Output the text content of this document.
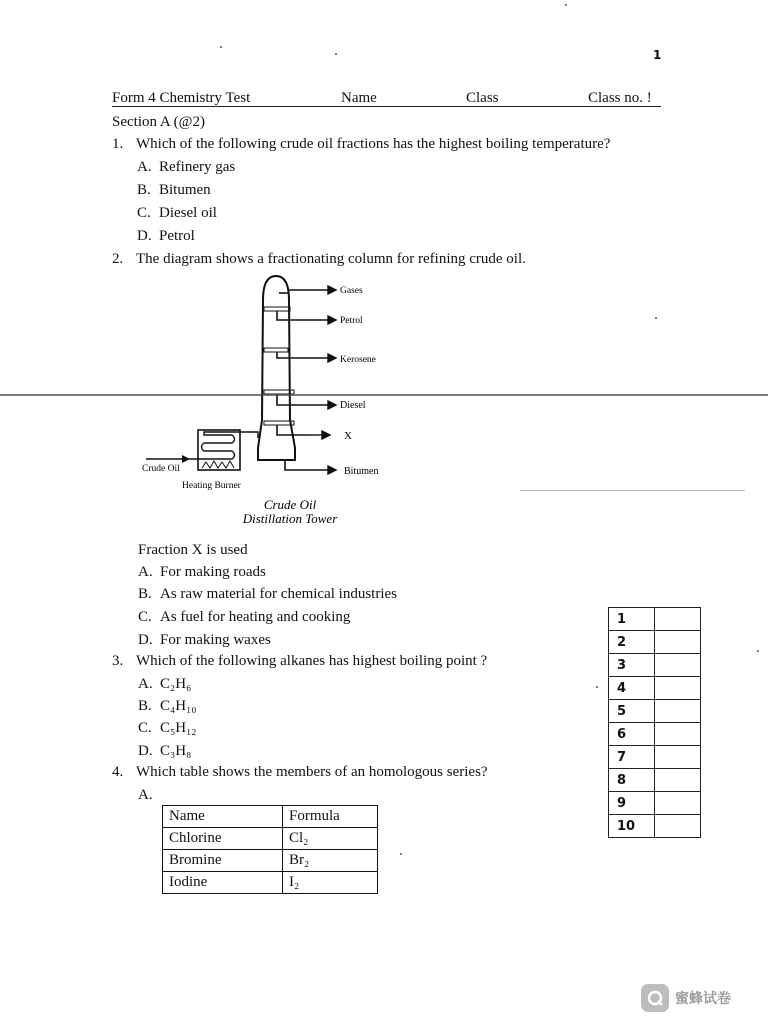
1
Form 4 Chemistry Test	Name	Class	Class no. !
Section A (@2)
1. Which of the following crude oil fractions has the highest boiling temperature?
A. Refinery gas
B. Bitumen
C. Diesel oil
D. Petrol
2. The diagram shows a fractionating column for refining crude oil.
Gases
Petrol
Kerosene
Diesel
X
Bitumen
Crude Oil
Heating Burner
Crude Oil
Distillation Tower
Fraction X is used
A. For making roads
B. As raw material for chemical industries
C. As fuel for heating and cooking
D. For making waxes
3. Which of the following alkanes has highest boiling point ?
A. C₂H₆
B. C₄H₁₀
C. C₅H₁₂
D. C₃H₈
4. Which table shows the members of an homologous series?
A.
Name	Formula
Chlorine	Cl₂
Bromine	Br₂
Iodine	I₂
1	
2	
3	
4	
5	
6	
7	
8	
9	
10	
蜜蜂试卷
